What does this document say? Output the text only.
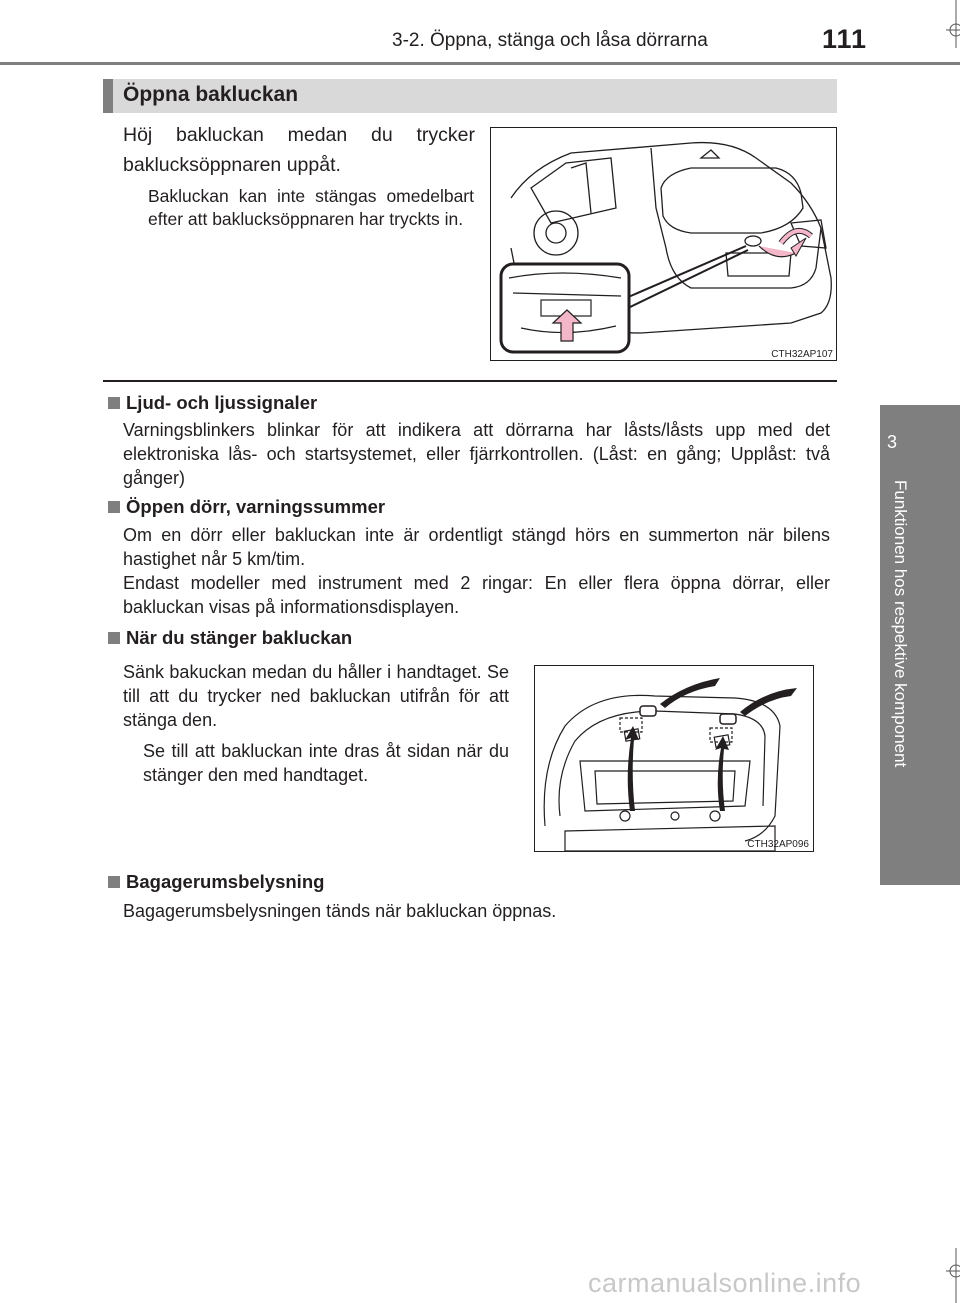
3-2. Öppna, stänga och låsa dörrarna	111
3
Funktionen hos respektive komponent
Öppna bakluckan
Höj bakluckan medan du trycker baklucksöppnaren uppåt.
Bakluckan kan inte stängas omedelbart efter att baklucksöppnaren har tryckts in.
CTH32AP107
Ljud- och ljussignaler
Varningsblinkers blinkar för att indikera att dörrarna har låsts/låsts upp med det elektroniska lås- och startsystemet, eller fjärrkontrollen. (Låst: en gång; Upplåst: två gånger)
Öppen dörr, varningssummer
Om en dörr eller bakluckan inte är ordentligt stängd hörs en summerton när bilens hastighet når 5 km/tim.
Endast modeller med instrument med 2 ringar: En eller flera öppna dörrar, eller bakluckan visas på informationsdisplayen.
När du stänger bakluckan
Sänk bakuckan medan du håller i handtaget. Se till att du trycker ned bakluckan utifrån för att stänga den.
Se till att bakluckan inte dras åt sidan när du stänger den med handtaget.
CTH32AP096
Bagagerumsbelysning
Bagagerumsbelysningen tänds när bakluckan öppnas.
carmanualsonline.info
